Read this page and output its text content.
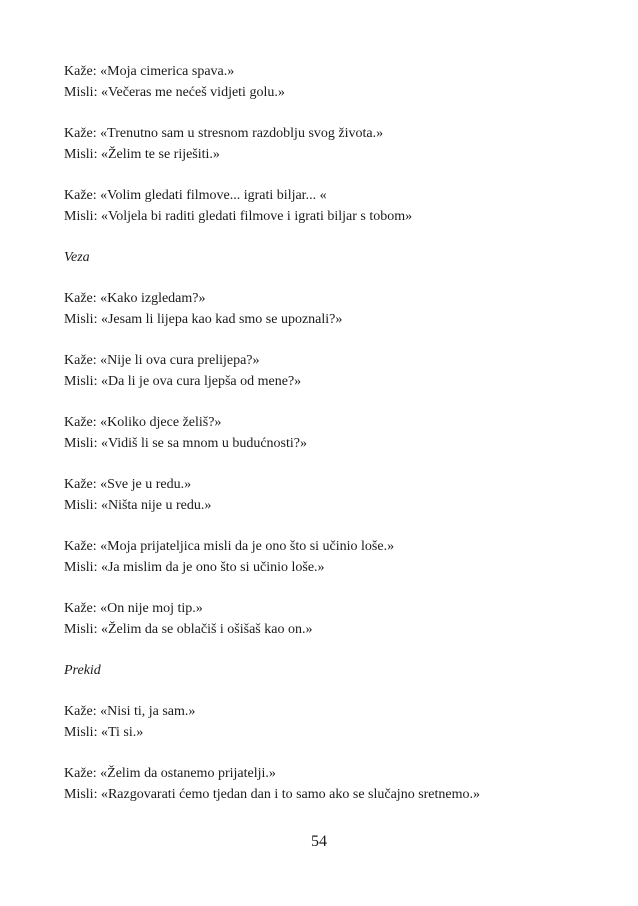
Kaže: «Moja cimerica spava.»
Misli: «Večeras me nećeš vidjeti golu.»
Kaže: «Trenutno sam u stresnom razdoblju svog života.»
Misli: «Želim te se riješiti.»
Kaže: «Volim gledati filmove... igrati biljar... «
Misli: «Voljela bi raditi gledati filmove i igrati biljar s tobom»
Veza
Kaže: «Kako izgledam?»
Misli: «Jesam li lijepa kao kad smo se upoznali?»
Kaže: «Nije li ova cura prelijepa?»
Misli: «Da li je ova cura ljepša od mene?»
Kaže: «Koliko djece želiš?»
Misli: «Vidiš li se sa mnom u budućnosti?»
Kaže: «Sve je u redu.»
Misli: «Ništa nije u redu.»
Kaže: «Moja prijateljica misli da je ono što si učinio loše.»
Misli: «Ja mislim da je ono što si učinio loše.»
Kaže: «On nije moj tip.»
Misli: «Želim da se oblačiš i ošišaš kao on.»
Prekid
Kaže: «Nisi ti, ja sam.»
Misli: «Ti si.»
Kaže: «Želim da ostanemo prijatelji.»
Misli: «Razgovarati ćemo tjedan dan i to samo ako se slučajno sretnemo.»
54
